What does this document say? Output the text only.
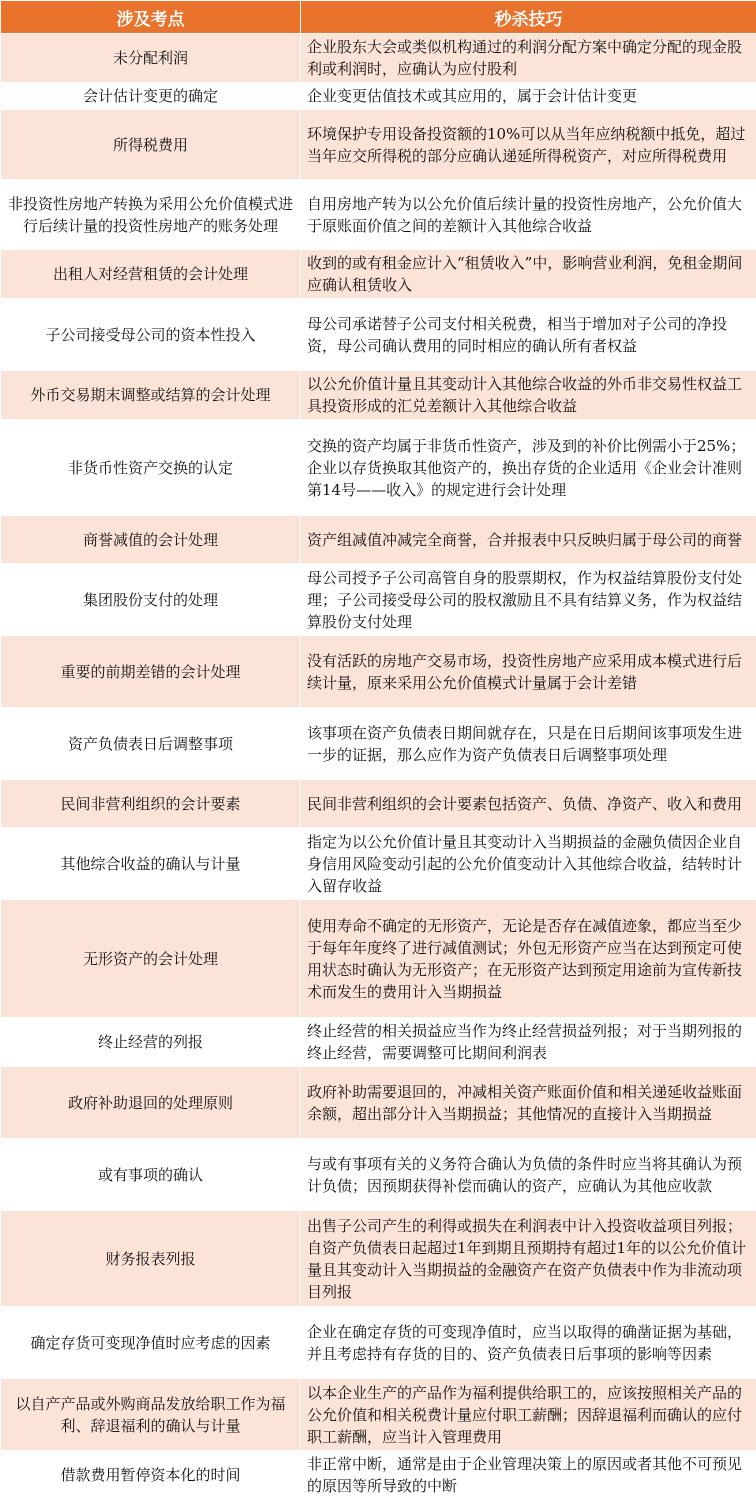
涉及考点	秒杀技巧
未分配利润	企业股东大会或类似机构通过的利润分配方案中确定分配的现金股利或利润时，应确认为应付股利
会计估计变更的确定	企业变更估值技术或其应用的，属于会计估计变更
所得税费用	环境保护专用设备投资额的10%可以从当年应纳税额中抵免，超过当年应交所得税的部分应确认递延所得税资产，对应所得税费用
非投资性房地产转换为采用公允价值模式进行后续计量的投资性房地产的账务处理	自用房地产转为以公允价值后续计量的投资性房地产，公允价值大于原账面价值之间的差额计入其他综合收益
出租人对经营租赁的会计处理	收到的或有租金应计入“租赁收入”中，影响营业利润，免租金期间应确认租赁收入
子公司接受母公司的资本性投入	母公司承诺替子公司支付相关税费，相当于增加对子公司的净投资，母公司确认费用的同时相应的确认所有者权益
外币交易期末调整或结算的会计处理	以公允价值计量且其变动计入其他综合收益的外币非交易性权益工具投资形成的汇兑差额计入其他综合收益
非货币性资产交换的认定	交换的资产均属于非货币性资产，涉及到的补价比例需小于25%；企业以存货换取其他资产的，换出存货的企业适用《企业会计准则第14号——收入》的规定进行会计处理
商誉减值的会计处理	资产组减值冲减完全商誉，合并报表中只反映归属于母公司的商誉
集团股份支付的处理	母公司授予子公司高管自身的股票期权，作为权益结算股份支付处理；子公司接受母公司的股权激励且不具有结算义务，作为权益结算股份支付处理
重要的前期差错的会计处理	没有活跃的房地产交易市场，投资性房地产应采用成本模式进行后续计量，原来采用公允价值模式计量属于会计差错
资产负债表日后调整事项	该事项在资产负债表日期间就存在，只是在日后期间该事项发生进一步的证据，那么应作为资产负债表日后调整事项处理
民间非营利组织的会计要素	民间非营利组织的会计要素包括资产、负债、净资产、收入和费用
其他综合收益的确认与计量	指定为以公允价值计量且其变动计入当期损益的金融负债因企业自身信用风险变动引起的公允价值变动计入其他综合收益，结转时计入留存收益
无形资产的会计处理	使用寿命不确定的无形资产，无论是否存在减值迹象，都应当至少于每年年度终了进行减值测试；外包无形资产应当在达到预定可使用状态时确认为无形资产；在无形资产达到预定用途前为宣传新技术而发生的费用计入当期损益
终止经营的列报	终止经营的相关损益应当作为终止经营损益列报；对于当期列报的终止经营，需要调整可比期间利润表
政府补助退回的处理原则	政府补助需要退回的，冲减相关资产账面价值和相关递延收益账面余额，超出部分计入当期损益；其他情况的直接计入当期损益
或有事项的确认	与或有事项有关的义务符合确认为负债的条件时应当将其确认为预计负债；因预期获得补偿而确认的资产，应确认为其他应收款
财务报表列报	出售子公司产生的利得或损失在利润表中计入投资收益项目列报；自资产负债表日起超过1年到期且预期持有超过1年的以公允价值计量且其变动计入当期损益的金融资产在资产负债表中作为非流动项目列报
确定存货可变现净值时应考虑的因素	企业在确定存货的可变现净值时，应当以取得的确凿证据为基础，并且考虑持有存货的目的、资产负债表日后事项的影响等因素
以自产产品或外购商品发放给职工作为福利、辞退福利的确认与计量	以本企业生产的产品作为福利提供给职工的，应该按照相关产品的公允价值和相关税费计量应付职工薪酬；因辞退福利而确认的应付职工薪酬，应当计入管理费用
借款费用暂停资本化的时间	非正常中断，通常是由于企业管理决策上的原因或者其他不可预见的原因等所导致的中断
